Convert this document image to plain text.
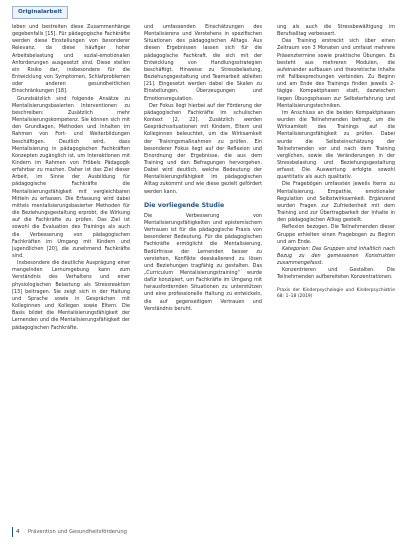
Originalarbeit

leben und bestreiten diese Zusammenhänge gegebenfalls [15]. Für pädagogische Fachkräfte werden diese Einstellungen von besonderer Relevanz, da diese häufiger hoher Arbeitsbelastung und sozial-emotionalen Anforderungen ausgesetzt sind. Diese stellen ein Risiko dar, insbesondere für die Entwicklung von Symptomen, Schlafproblemen oder anderen gesundheitlichen Einschränkungen [18].

Grundsätzlich sind folgende Ansätze zu Mentalisierungsbasierten Interventionen zu beschreiben: Zusätzlich mehr Mentalisierungskompetenz. Sie können sich mit den Grundlagen, Methoden und Inhalten im Rahmen von Fort- und Weiterbildungen beschäftigen. Deutlich wird, dass Mentalisierung in pädagogischen Fachkräften Konzepten zugänglich ist, um Interaktionen mit Kindern im Rahmen von Fröbels Pädagogik erfahrbar zu machen. Daher ist das Ziel dieser Arbeit, im Sinne der Ausbildung für pädagogische Fachkräfte die Mentalisierungsfähigkeit mit vergleichbaren Mitteln zu erfassen. Die Erfassung wird dabei mittels mentalisierungsbasierter Methoden für die Beziehungsgestaltung erprobt, die Wirkung auf die Fachkräfte zu prüfen. Das Ziel ist sowohl die Evaluation des Trainings als auch die Verbesserung von pädagogischen Fachkräften im Umgang mit Kindern und Jugendlichen [20], die zunehmend Fachkräfte sind.

Insbesondere die deutliche Ausprägung einer mangelnden Lernumgebung kann zum Verständnis des Verhaltens und einer physiologischen Belastung als Stressreaktion [13] beitragen. Sie zeigt sich in der Haltung und Sprache sowie in Gesprächen mit Kolleginnen und Kollegen sowie Eltern. Die Basis bildet die Mentalisierungsfähigkeit der Lernenden und die Mentalisierungsfähigkeit der pädagogischen Fachkräfte.

und umfassenden Einschätzungen des Mentalisierens und Verstehens in spezifischen Situationen des pädagogischen Alltags. Aus diesen Ergebnissen lassen sich für die pädagogische Fachkraft, die sich mit der Entwicklung von Handlungsstrategien beschäftigt, Hinweise zu Stressbelastung, Beziehungsgestaltung und Teamarbeit ableiten [21]. Eingesetzt werden dabei die Skalen zu Einstellungen, Überzeugungen und Emotionsregulation.

Der Fokus liegt hierbei auf der Förderung der pädagogischen Fachkräfte im schulischen Kontext [2, 22]. Zusätzlich werden Gesprächssituationen mit Kindern, Eltern und Kolleginnen beleuchtet, um die Wirksamkeit der Trainingsmaßnahmen zu prüfen. Ein besonderer Fokus liegt auf der Reflexion und Einordnung der Ergebnisse, die aus dem Training und den Befragungen hervorgehen. Dabei wird deutlich, welche Bedeutung der Mentalisierungsfähigkeit im pädagogischen Alltag zukommt und wie diese gezielt gefördert werden kann.

Die vorliegende Studie

Die Verbesserung von Mentalisierungsfähigkeiten und epistemischem Vertrauen ist für die pädagogische Praxis von besonderer Bedeutung. Für die pädagogischen Fachkräfte ermöglicht die Mentalisierung, Bedürfnisse der Lernenden besser zu verstehen, Konflikte deeskalierend zu lösen und Beziehungen tragfähig zu gestalten. Das „Curriculum Mentalisierungstraining“ wurde dafür konzipiert, um Fachkräfte im Umgang mit herausfordernden Situationen zu unterstützen und eine professionelle Haltung zu entwickeln, die auf gegenseitigem Vertrauen und Verständnis beruht.

ung als auch die Stressbewältigung im Berufsalltag verbessert.

Das Training erstreckt sich über einen Zeitraum von 3 Monaten und umfasst mehrere Präsenztermine sowie praktische Übungen. Es besteht aus mehreren Modulen, die aufeinander aufbauen und theoretische Inhalte mit Fallbesprechungen verbinden. Zu Beginn und am Ende des Trainings finden jeweils 2-tägige Kompaktphasen statt, dazwischen liegen Übungsphasen zur Selbsterfahrung und Mentalisierungstechniken.

Im Anschluss an die beiden Kompaktphasen wurden die Teilnehmenden befragt, um die Wirksamkeit des Trainings auf die Mentalisierungsfähigkeit zu prüfen. Dabei wurde die Selbsteinschätzung der Teilnehmenden vor und nach dem Training verglichen, sowie die Veränderungen in der Stressbelastung und Beziehungsgestaltung erfasst. Die Auswertung erfolgte sowohl quantitativ als auch qualitativ.

Die Fragebögen umfassten jeweils Items zu Mentalisierung, Empathie, emotionaler Regulation und Selbstwirksamkeit. Ergänzend wurden Fragen zur Zufriedenheit mit dem Training und zur Übertragbarkeit der Inhalte in den pädagogischen Alltag gestellt.

Reflexion bezogen, Die Teilnehmenden dieser Gruppe erhielten einen Fragebogen zu Beginn und am Ende.

Kategorien: Das Gruppen sind inhaltlich nach Bezug zu den gemessenen Konstrukten zusammengefasst.

Konzentrieren und Gestalten. Die Teilnehmenden aufbereiteten Konzentrationen.

Praxis der Kinderpsychologie und Kinderpsychiatrie 68: 1–18 (2019)

4 Prävention und Gesundheitsförderung
